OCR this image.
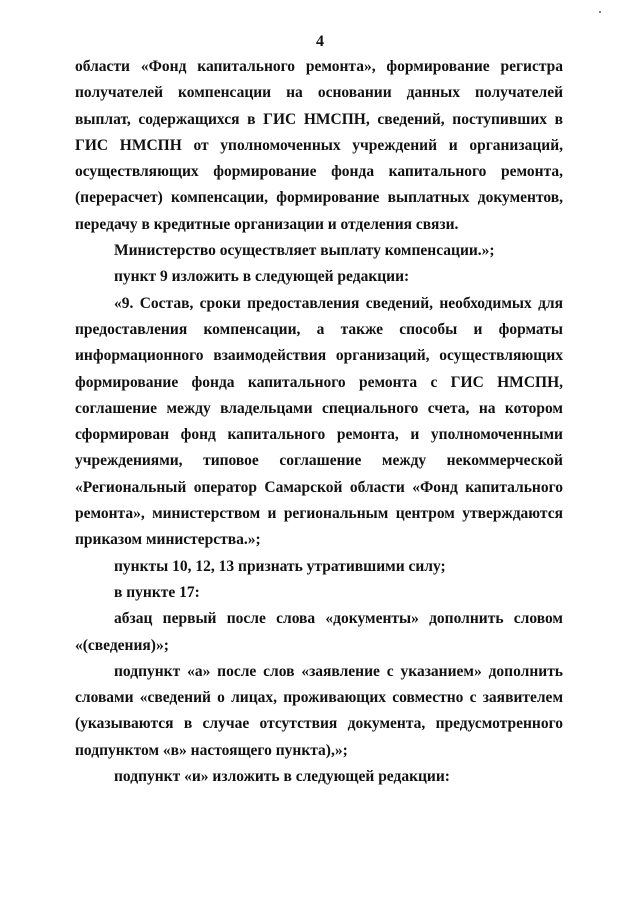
4
области «Фонд капитального ремонта», формирование регистра
получателей компенсации на основании данных получателей
выплат, содержащихся в ГИС НМСПН, сведений, поступивших в
ГИС НМСПН от уполномоченных учреждений и организаций,
осуществляющих формирование фонда капитального ремонта,
(перерасчет) компенсации, формирование выплатных документов,
передачу в кредитные организации и отделения связи.
Министерство осуществляет выплату компенсации.»;
пункт 9 изложить в следующей редакции:
«9. Состав, сроки предоставления сведений, необходимых для
предоставления компенсации, а также способы и форматы
информационного взаимодействия организаций, осуществляющих
формирование фонда капитального ремонта с ГИС НМСПН,
соглашение между владельцами специального счета, на котором
сформирован фонд капитального ремонта, и уполномоченными
учреждениями, типовое соглашение между некоммерческой
«Региональный оператор Самарской области «Фонд капитального
ремонта», министерством и региональным центром утверждаются
приказом министерства.»;
пункты 10, 12, 13 признать утратившими силу;
в пункте 17:
абзац первый после слова «документы» дополнить словом
«(сведения)»;
подпункт «а» после слов «заявление с указанием» дополнить
словами «сведений о лицах, проживающих совместно с заявителем
(указываются в случае отсутствия документа, предусмотренного
подпунктом «в» настоящего пункта),»;
подпункт «и» изложить в следующей редакции:
